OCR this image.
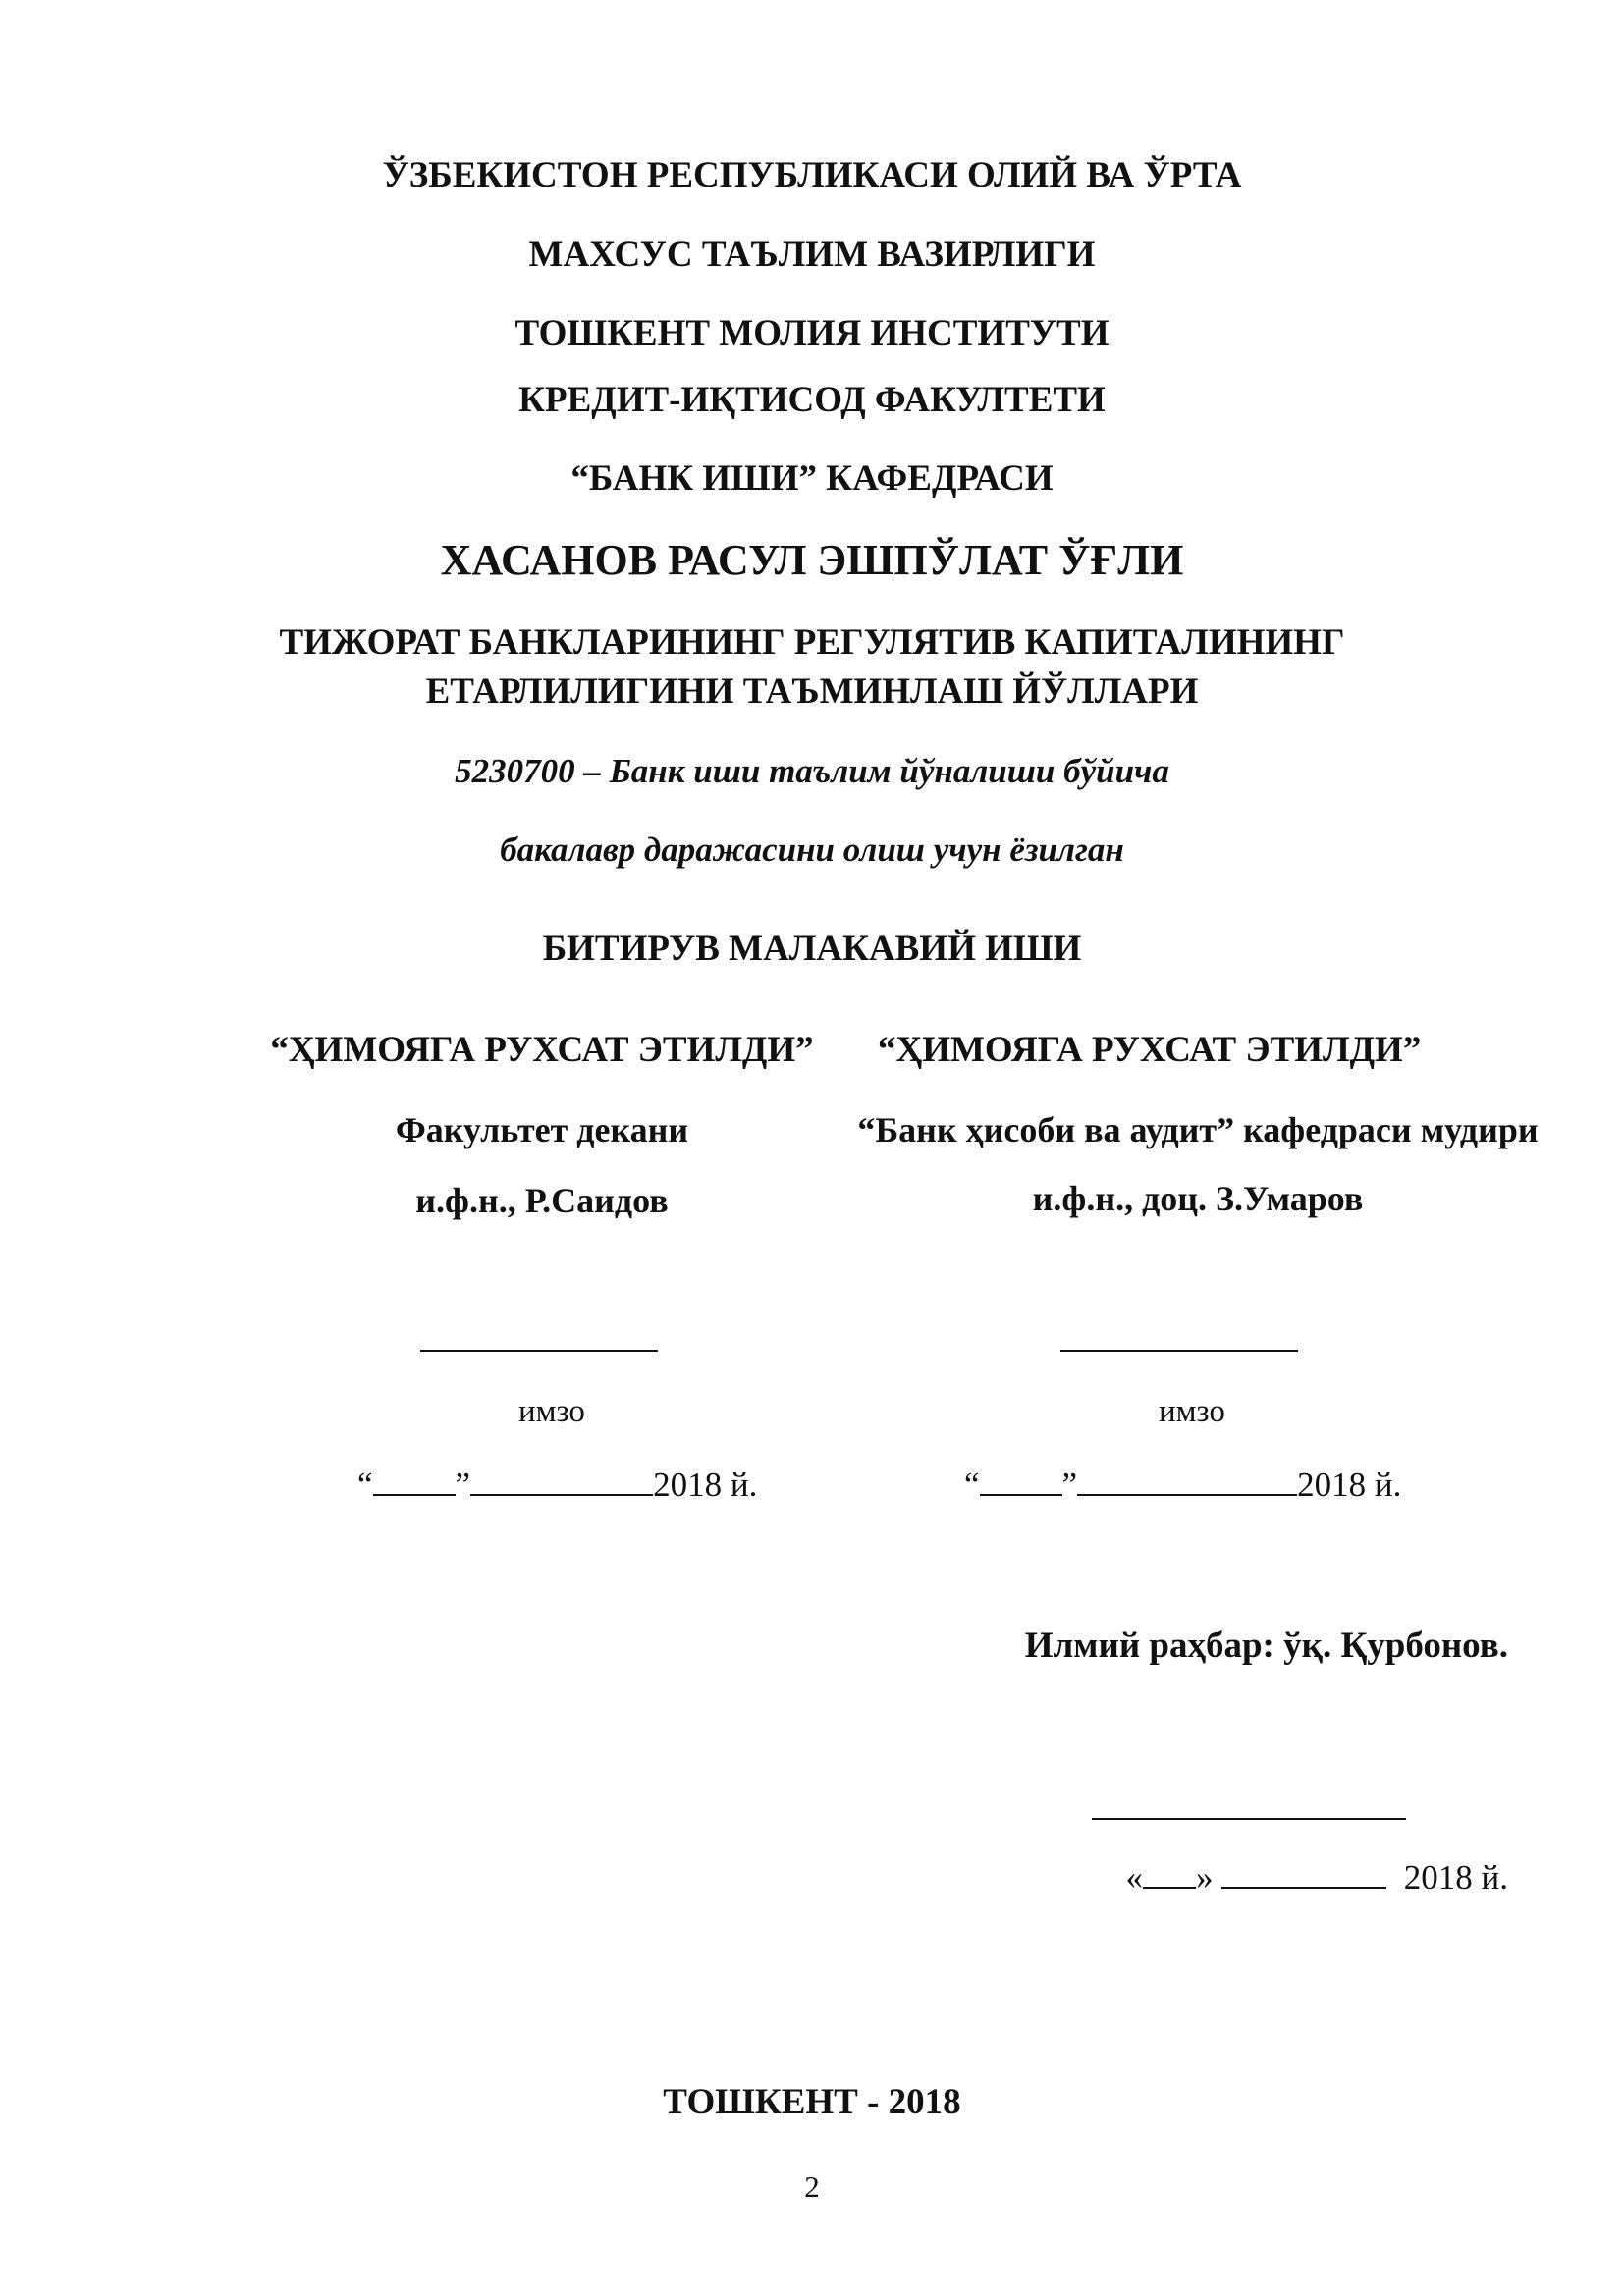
ЎЗБЕКИСТОН РЕСПУБЛИКАСИ ОЛИЙ ВА ЎРТА
МАХСУС ТАЪЛИМ ВАЗИРЛИГИ
ТОШКЕНТ МОЛИЯ ИНСТИТУТИ
КРЕДИТ-ИҚТИСОД ФАКУЛТЕТИ
“БАНК ИШИ” КАФЕДРАСИ
ХАСАНОВ РАСУЛ ЭШПЎЛАТ ЎҒЛИ
ТИЖОРАТ БАНКЛАРИНИНГ РЕГУЛЯТИВ КАПИТАЛИНИНГ
ЕТАРЛИЛИГИНИ ТАЪМИНЛАШ ЙЎЛЛАРИ
5230700 – Банк иши таълим йўналиши бўйича
бакалавр даражасини олиш учун ёзилган
БИТИРУВ МАЛАКАВИЙ ИШИ
“ҲИМОЯГА РУХСАТ ЭТИЛДИ”
Факультет декани
и.ф.н., Р.Саидов
имзо
“ ”	2018 й.
“ҲИМОЯГА РУХСАТ ЭТИЛДИ”
“Банк ҳисоби ва аудит” кафедраси мудири
и.ф.н., доц. З.Умаров
имзо
“ ”	2018 й.
Илмий раҳбар: ўқ. Қурбонов.
« »	2018 й.
ТОШКЕНТ - 2018
2
